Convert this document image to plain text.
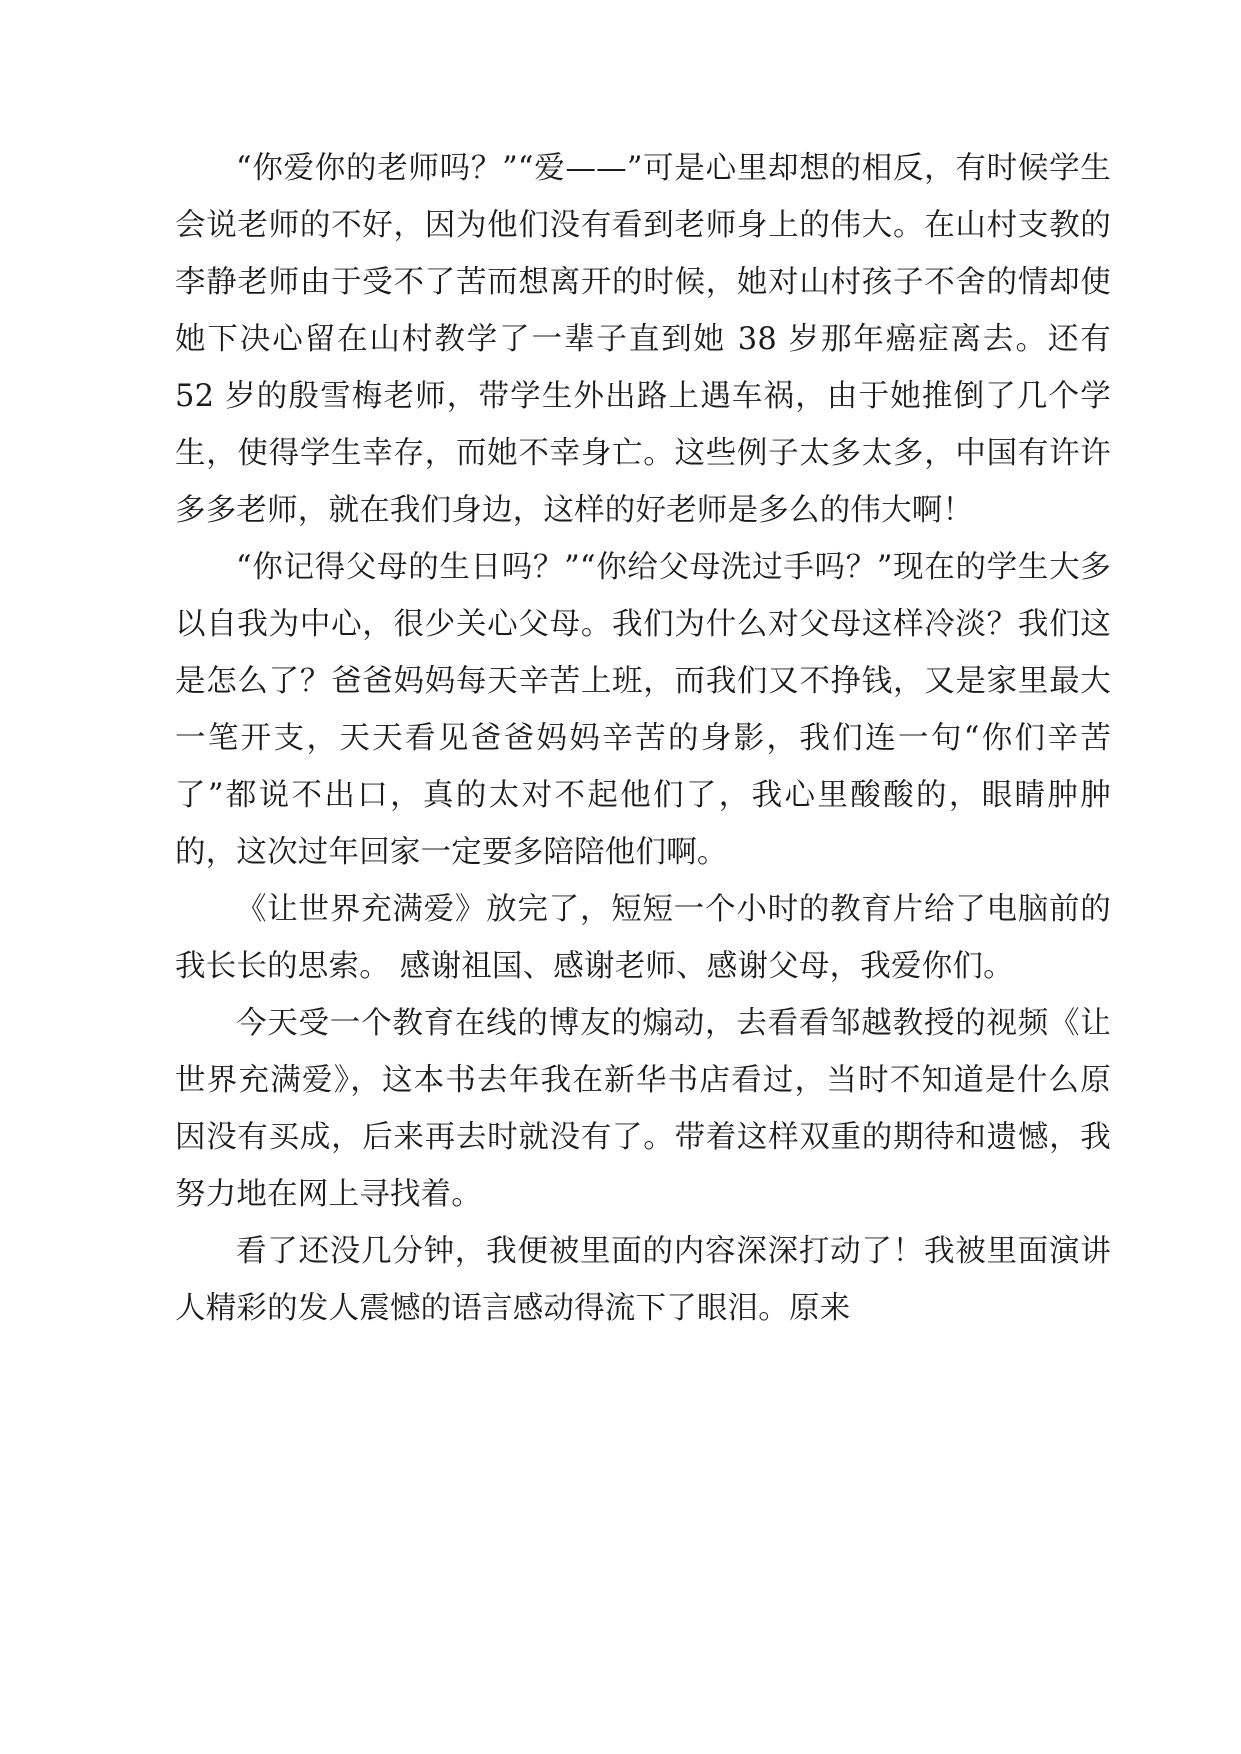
“你爱你的老师吗？”“爱——”可是心里却想的相反，有时候学生会说老师的不好，因为他们没有看到老师身上的伟大。在山村支教的李静老师由于受不了苦而想离开的时候，她对山村孩子不舍的情却使她下决心留在山村教学了一辈子直到她 38 岁那年癌症离去。还有 52 岁的殷雪梅老师，带学生外出路上遇车祸，由于她推倒了几个学生，使得学生幸存，而她不幸身亡。这些例子太多太多，中国有许许多多老师，就在我们身边，这样的好老师是多么的伟大啊！

“你记得父母的生日吗？”“你给父母洗过手吗？”现在的学生大多以自我为中心，很少关心父母。我们为什么对父母这样冷淡？我们这是怎么了？爸爸妈妈每天辛苦上班，而我们又不挣钱，又是家里最大一笔开支，天天看见爸爸妈妈辛苦的身影，我们连一句“你们辛苦了”都说不出口，真的太对不起他们了，我心里酸酸的，眼睛肿肿的，这次过年回家一定要多陪陪他们啊。

《让世界充满爱》放完了，短短一个小时的教育片给了电脑前的我长长的思索。 感谢祖国、感谢老师、感谢父母，我爱你们。

今天受一个教育在线的博友的煽动，去看看邹越教授的视频《让世界充满爱》，这本书去年我在新华书店看过，当时不知道是什么原因没有买成，后来再去时就没有了。带着这样双重的期待和遗憾，我努力地在网上寻找着。

看了还没几分钟，我便被里面的内容深深打动了！我被里面演讲人精彩的发人震憾的语言感动得流下了眼泪。原来
